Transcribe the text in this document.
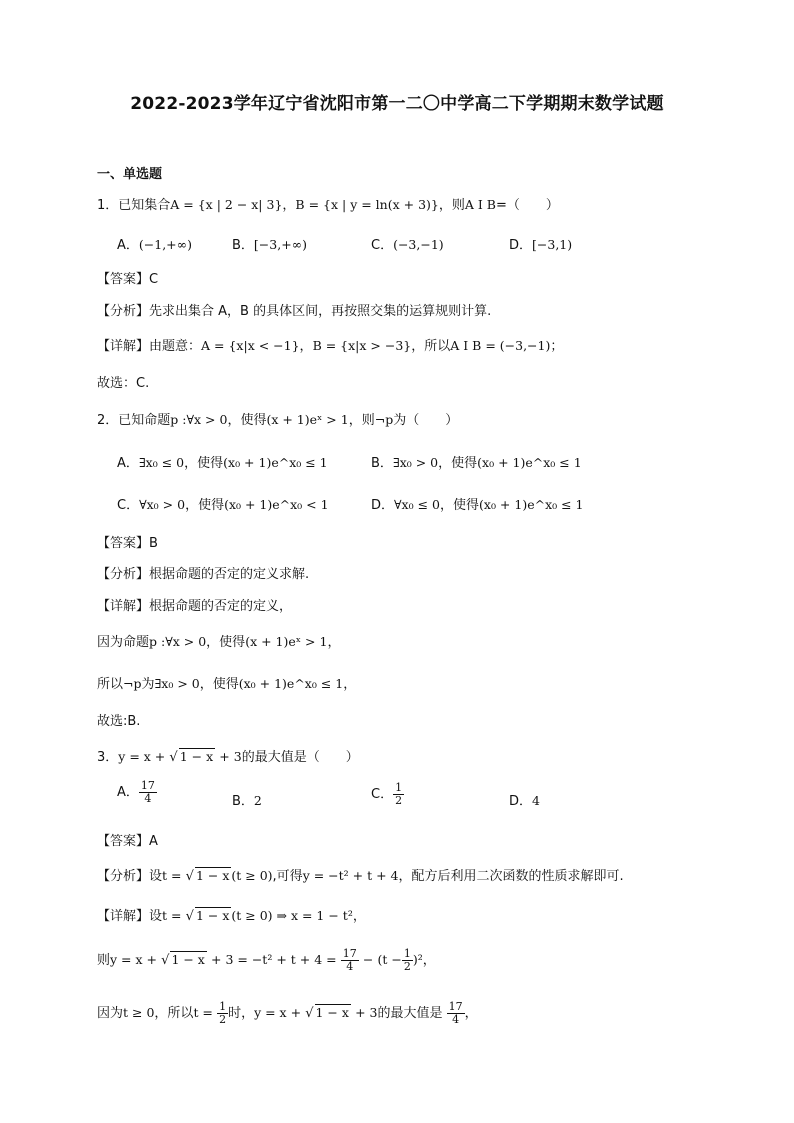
2022-2023学年辽宁省沈阳市第一二〇中学高二下学期期末数学试题
一、单选题
1．已知集合A = {x | 2 − x| 3}，B = {x | y = ln(x + 3)}，则A I B=（　　）
A．(−1,+∞)	B．[−3,+∞)	C．(−3,−1)	D．[−3,1)
【答案】C
【分析】先求出集合 A，B 的具体区间，再按照交集的运算规则计算.
【详解】由题意：A = {x|x < −1}，B = {x|x > −3}，所以A I B = (−3,−1)；
故选：C.
2．已知命题p :∀x > 0，使得(x + 1)eˣ > 1，则¬p为（　　）
A．∃x₀ ≤ 0，使得(x₀ + 1)e^x₀ ≤ 1	B．∃x₀ > 0，使得(x₀ + 1)e^x₀ ≤ 1
C．∀x₀ > 0，使得(x₀ + 1)e^x₀ < 1	D．∀x₀ ≤ 0，使得(x₀ + 1)e^x₀ ≤ 1
【答案】B
【分析】根据命题的否定的定义求解.
【详解】根据命题的否定的定义，
因为命题p :∀x > 0，使得(x + 1)eˣ > 1，
所以¬p为∃x₀ > 0，使得(x₀ + 1)e^x₀ ≤ 1，
故选:B.
3．y = x + √ 1 − x + 3的最大值是（　　）
A． $\frac{17}{4}$	B．2	C． $\frac{1}{2}$	D．4
【答案】A
【分析】设t = √ 1 − x (t ≥ 0),可得y = −t² + t + 4，配方后利用二次函数的性质求解即可.
【详解】设t = √ 1 − x (t ≥ 0) ⇒ x = 1 − t²，
则y = x + √ $1 - x + 3 = -t^2 + t + 4 = \frac{17}{4} - (t - \frac{1}{2} )^2$，
因为t ≥ 0，所以$t = \frac{1}{2}$ 时，y = x + √ 1 − x + 3的最大值是 $\frac{17}{4}$ ，
